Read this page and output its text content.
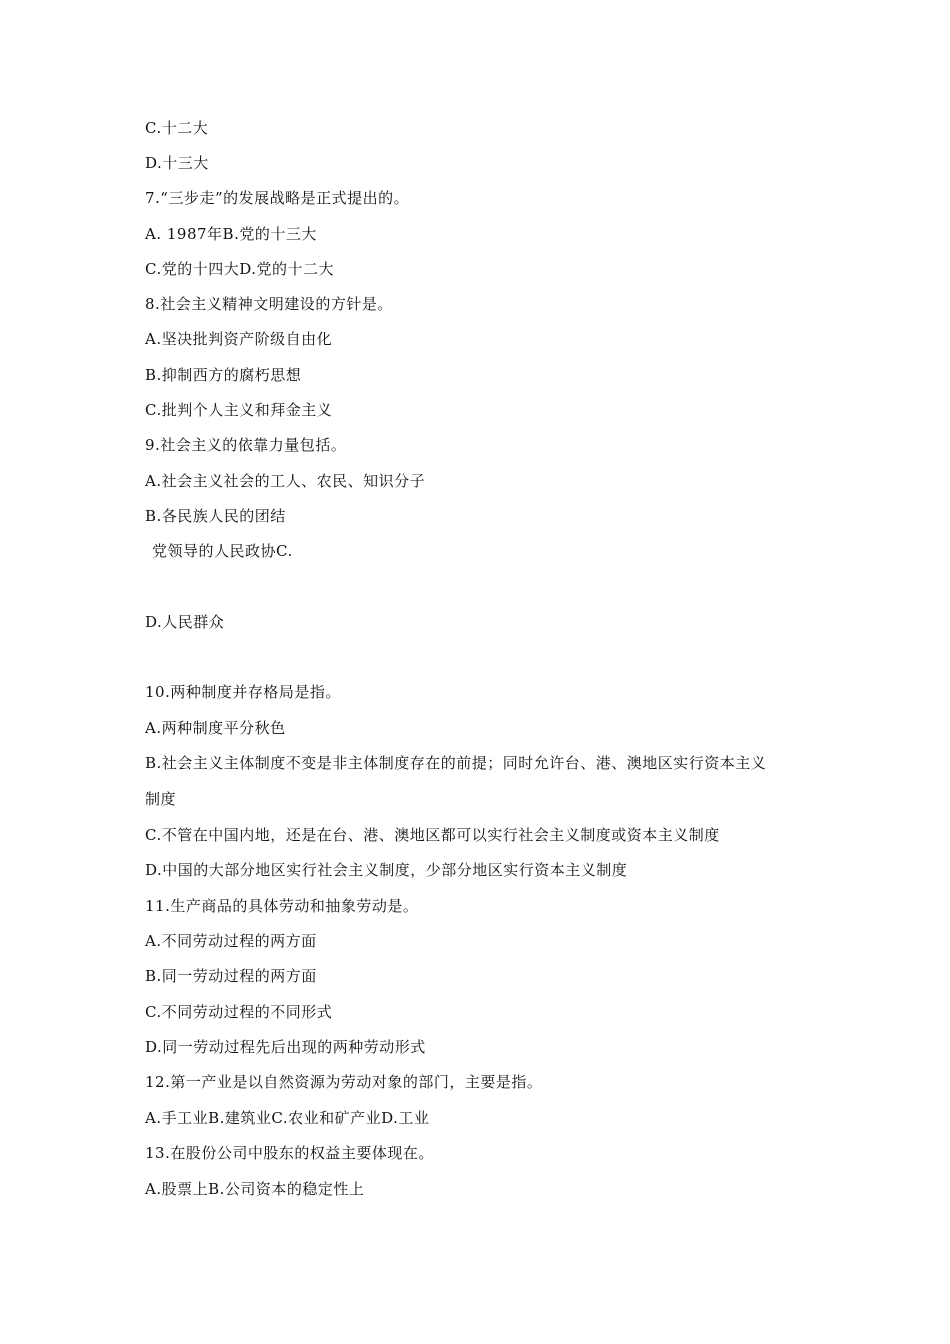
C.十二大
D.十三大
7.“三步走”的发展战略是正式提出的。
A. 1987年B.党的十三大
C.党的十四大D.党的十二大
8.社会主义精神文明建设的方针是。
A.坚决批判资产阶级自由化
B.抑制西方的腐朽思想
C.批判个人主义和拜金主义
9.社会主义的依靠力量包括。
A.社会主义社会的工人、农民、知识分子
B.各民族人民的团结
党领导的人民政协C.
D.人民群众
10.两种制度并存格局是指。
A.两种制度平分秋色
B.社会主义主体制度不变是非主体制度存在的前提；同时允许台、港、澳地区实行资本主义
制度
C.不管在中国内地，还是在台、港、澳地区都可以实行社会主义制度或资本主义制度
D.中国的大部分地区实行社会主义制度，少部分地区实行资本主义制度
11.生产商品的具体劳动和抽象劳动是。
A.不同劳动过程的两方面
B.同一劳动过程的两方面
C.不同劳动过程的不同形式
D.同一劳动过程先后出现的两种劳动形式
12.第一产业是以自然资源为劳动对象的部门，主要是指。
A.手工业B.建筑业C.农业和矿产业D.工业
13.在股份公司中股东的权益主要体现在。
A.股票上B.公司资本的稳定性上
